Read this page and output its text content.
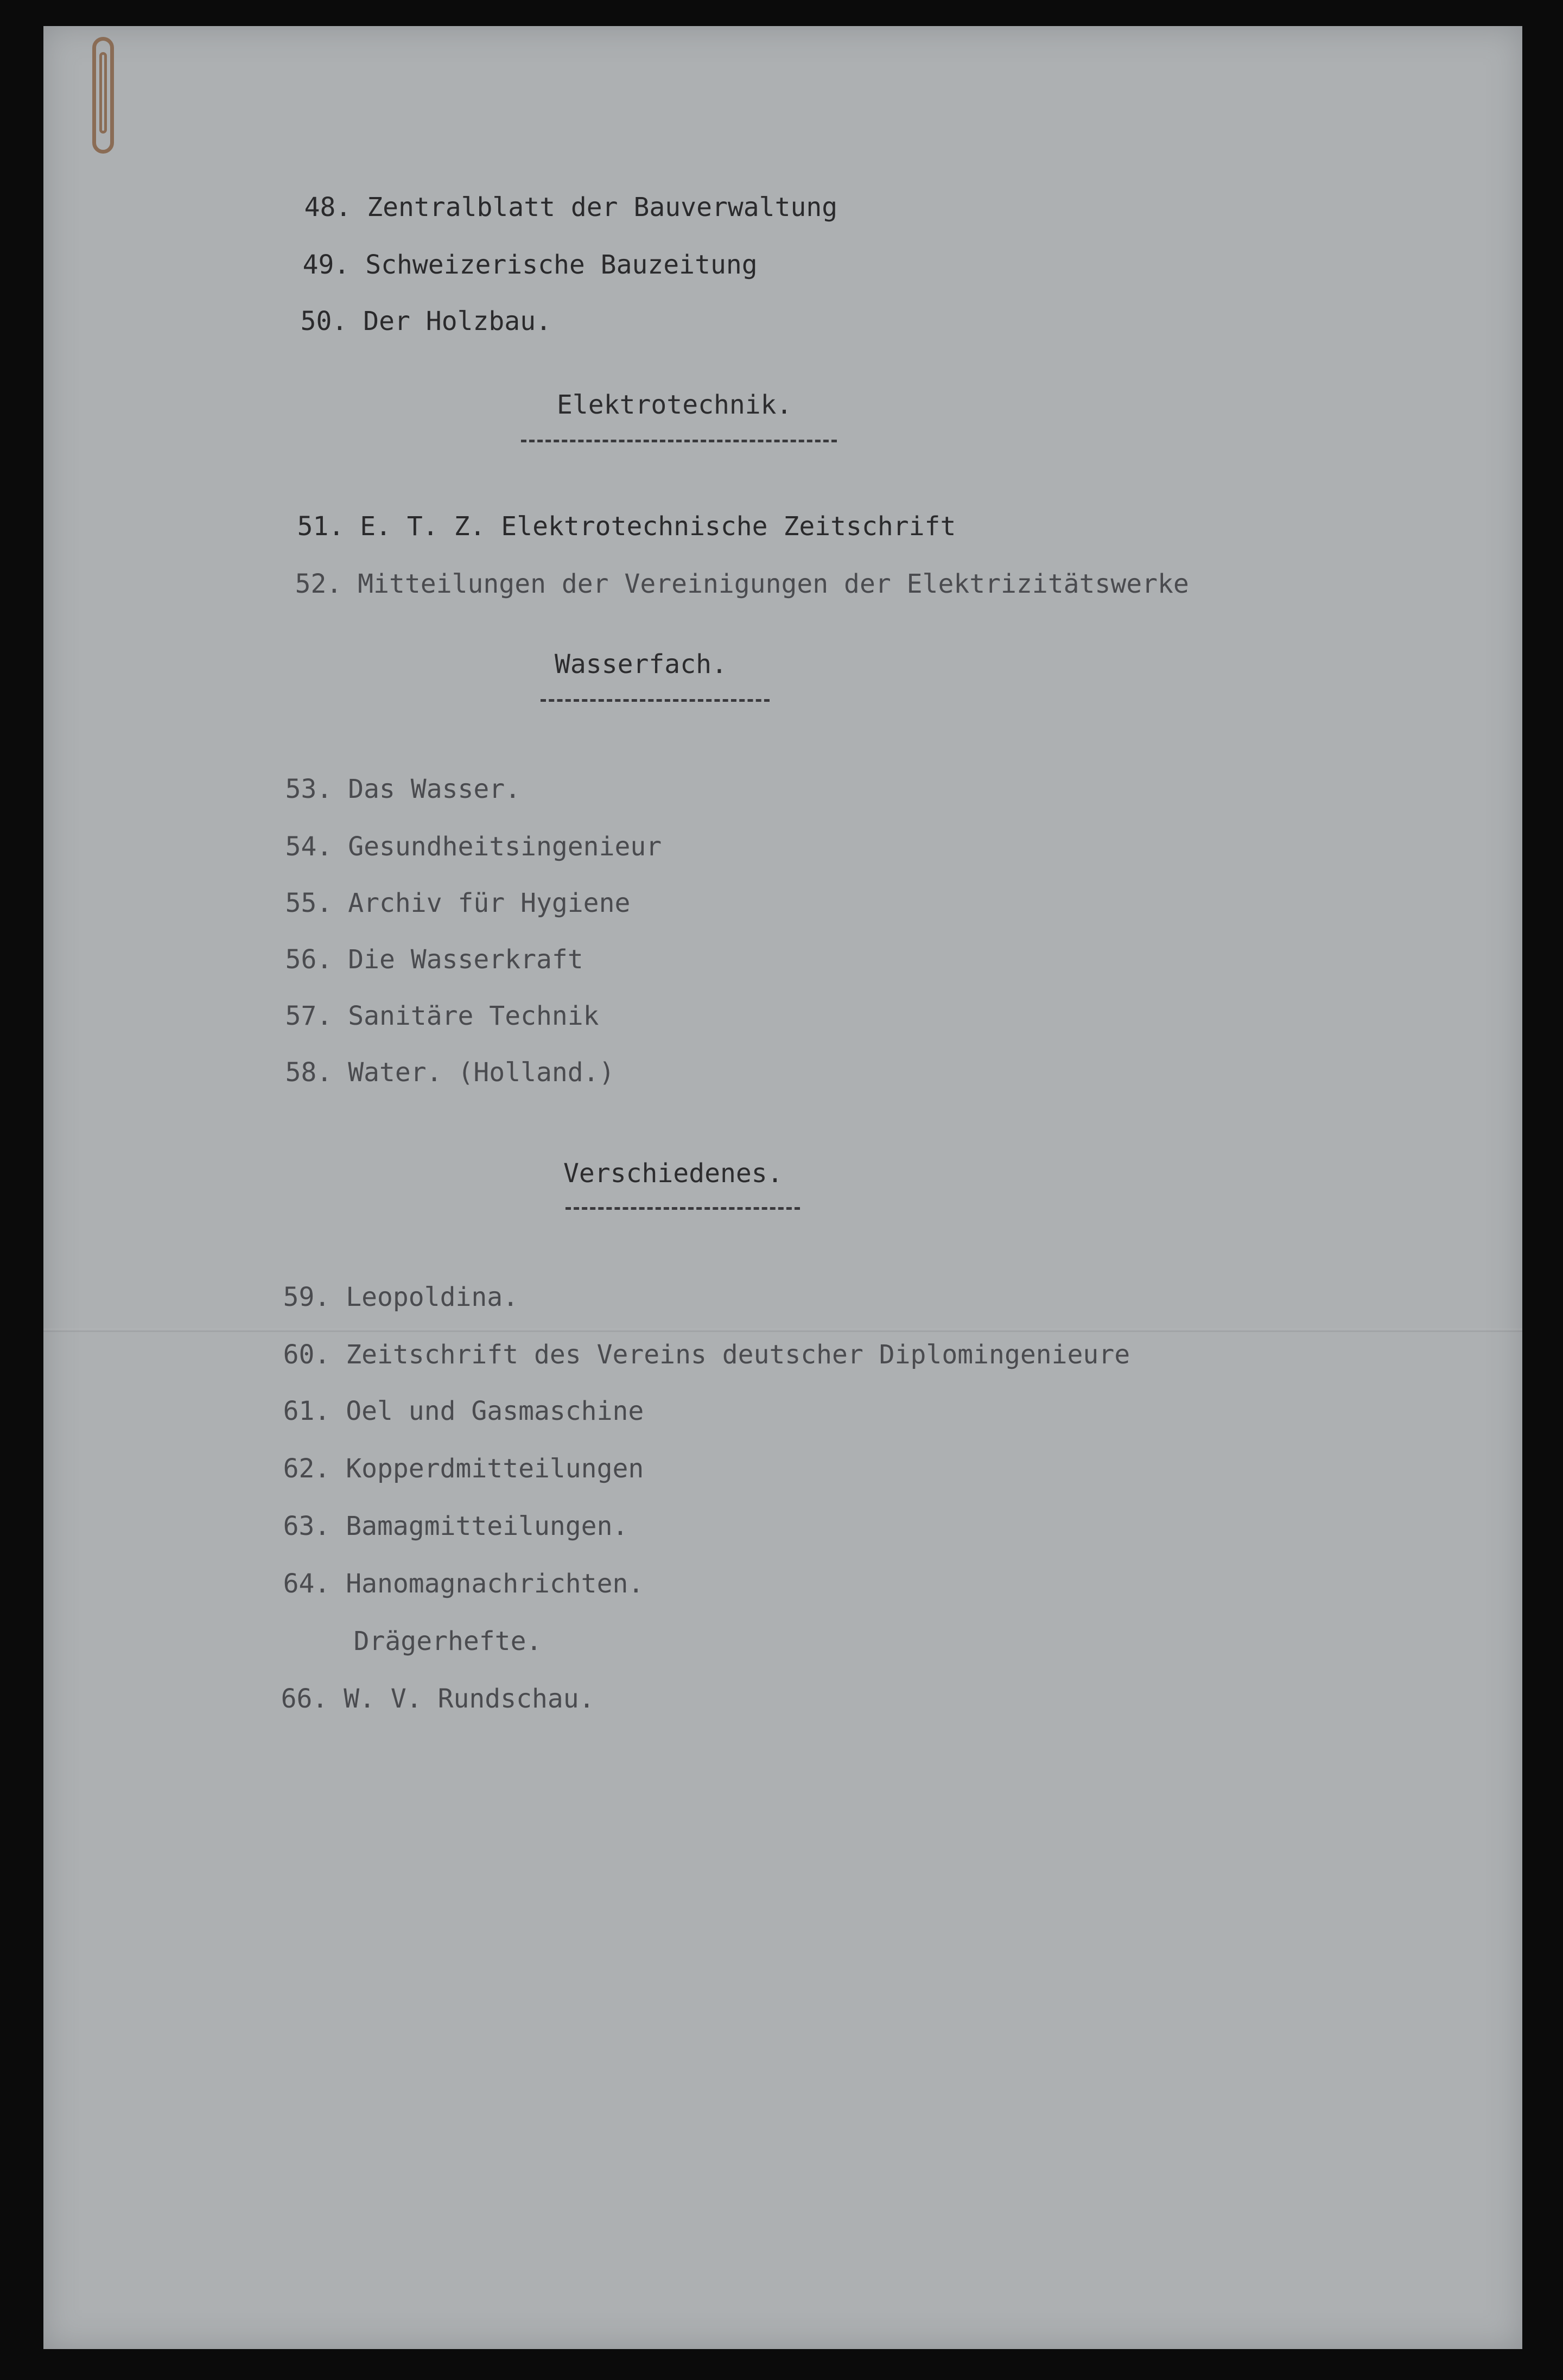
48. Zentralblatt der Bauverwaltung

49. Schweizerische Bauzeitung

50. Der Holzbau.

Elektrotechnik.

51. E. T. Z. Elektrotechnische Zeitschrift

52. Mitteilungen der Vereinigungen der Elektrizitätswerke

Wasserfach.

53. Das Wasser.

54. Gesundheitsingenieur

55. Archiv für Hygiene

56. Die Wasserkraft

57. Sanitäre Technik

58. Water. (Holland.)

Verschiedenes.

59. Leopoldina.

60. Zeitschrift des Vereins deutscher Diplomingenieure

61. Oel und Gasmaschine

62. Kopperdmitteilungen

63. Bamagmitteilungen.

64. Hanomagnachrichten.

Drägerhefte.

66. W. V. Rundschau.
